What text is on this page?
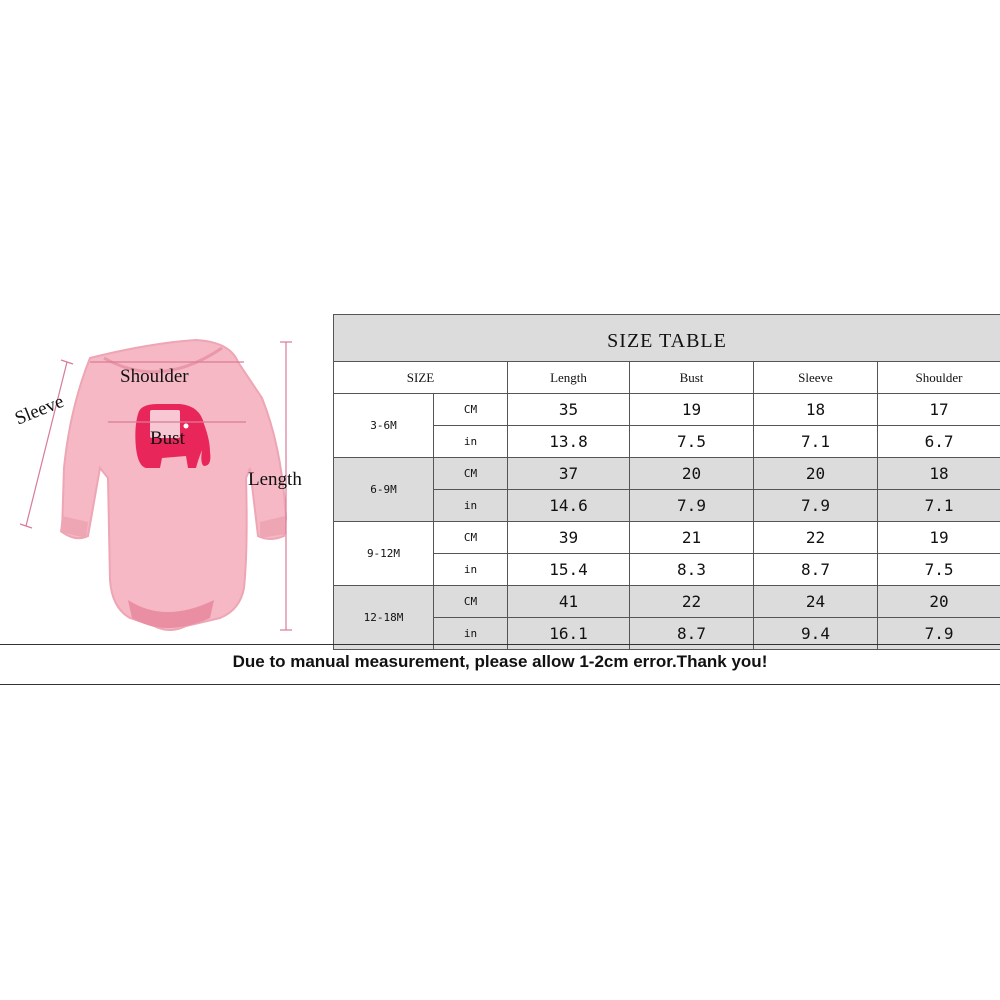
Shoulder
Bust
Length
Sleeve
SIZE TABLE					
SIZE		Length	Bust	Sleeve	Shoulder
3-6M	CM	35	19	18	17
	in	13.8	7.5	7.1	6.7
6-9M	CM	37	20	20	18
	in	14.6	7.9	7.9	7.1
9-12M	CM	39	21	22	19
	in	15.4	8.3	8.7	7.5
12-18M	CM	41	22	24	20
	in	16.1	8.7	9.4	7.9
Due to manual measurement, please allow 1-2cm error.Thank you!
